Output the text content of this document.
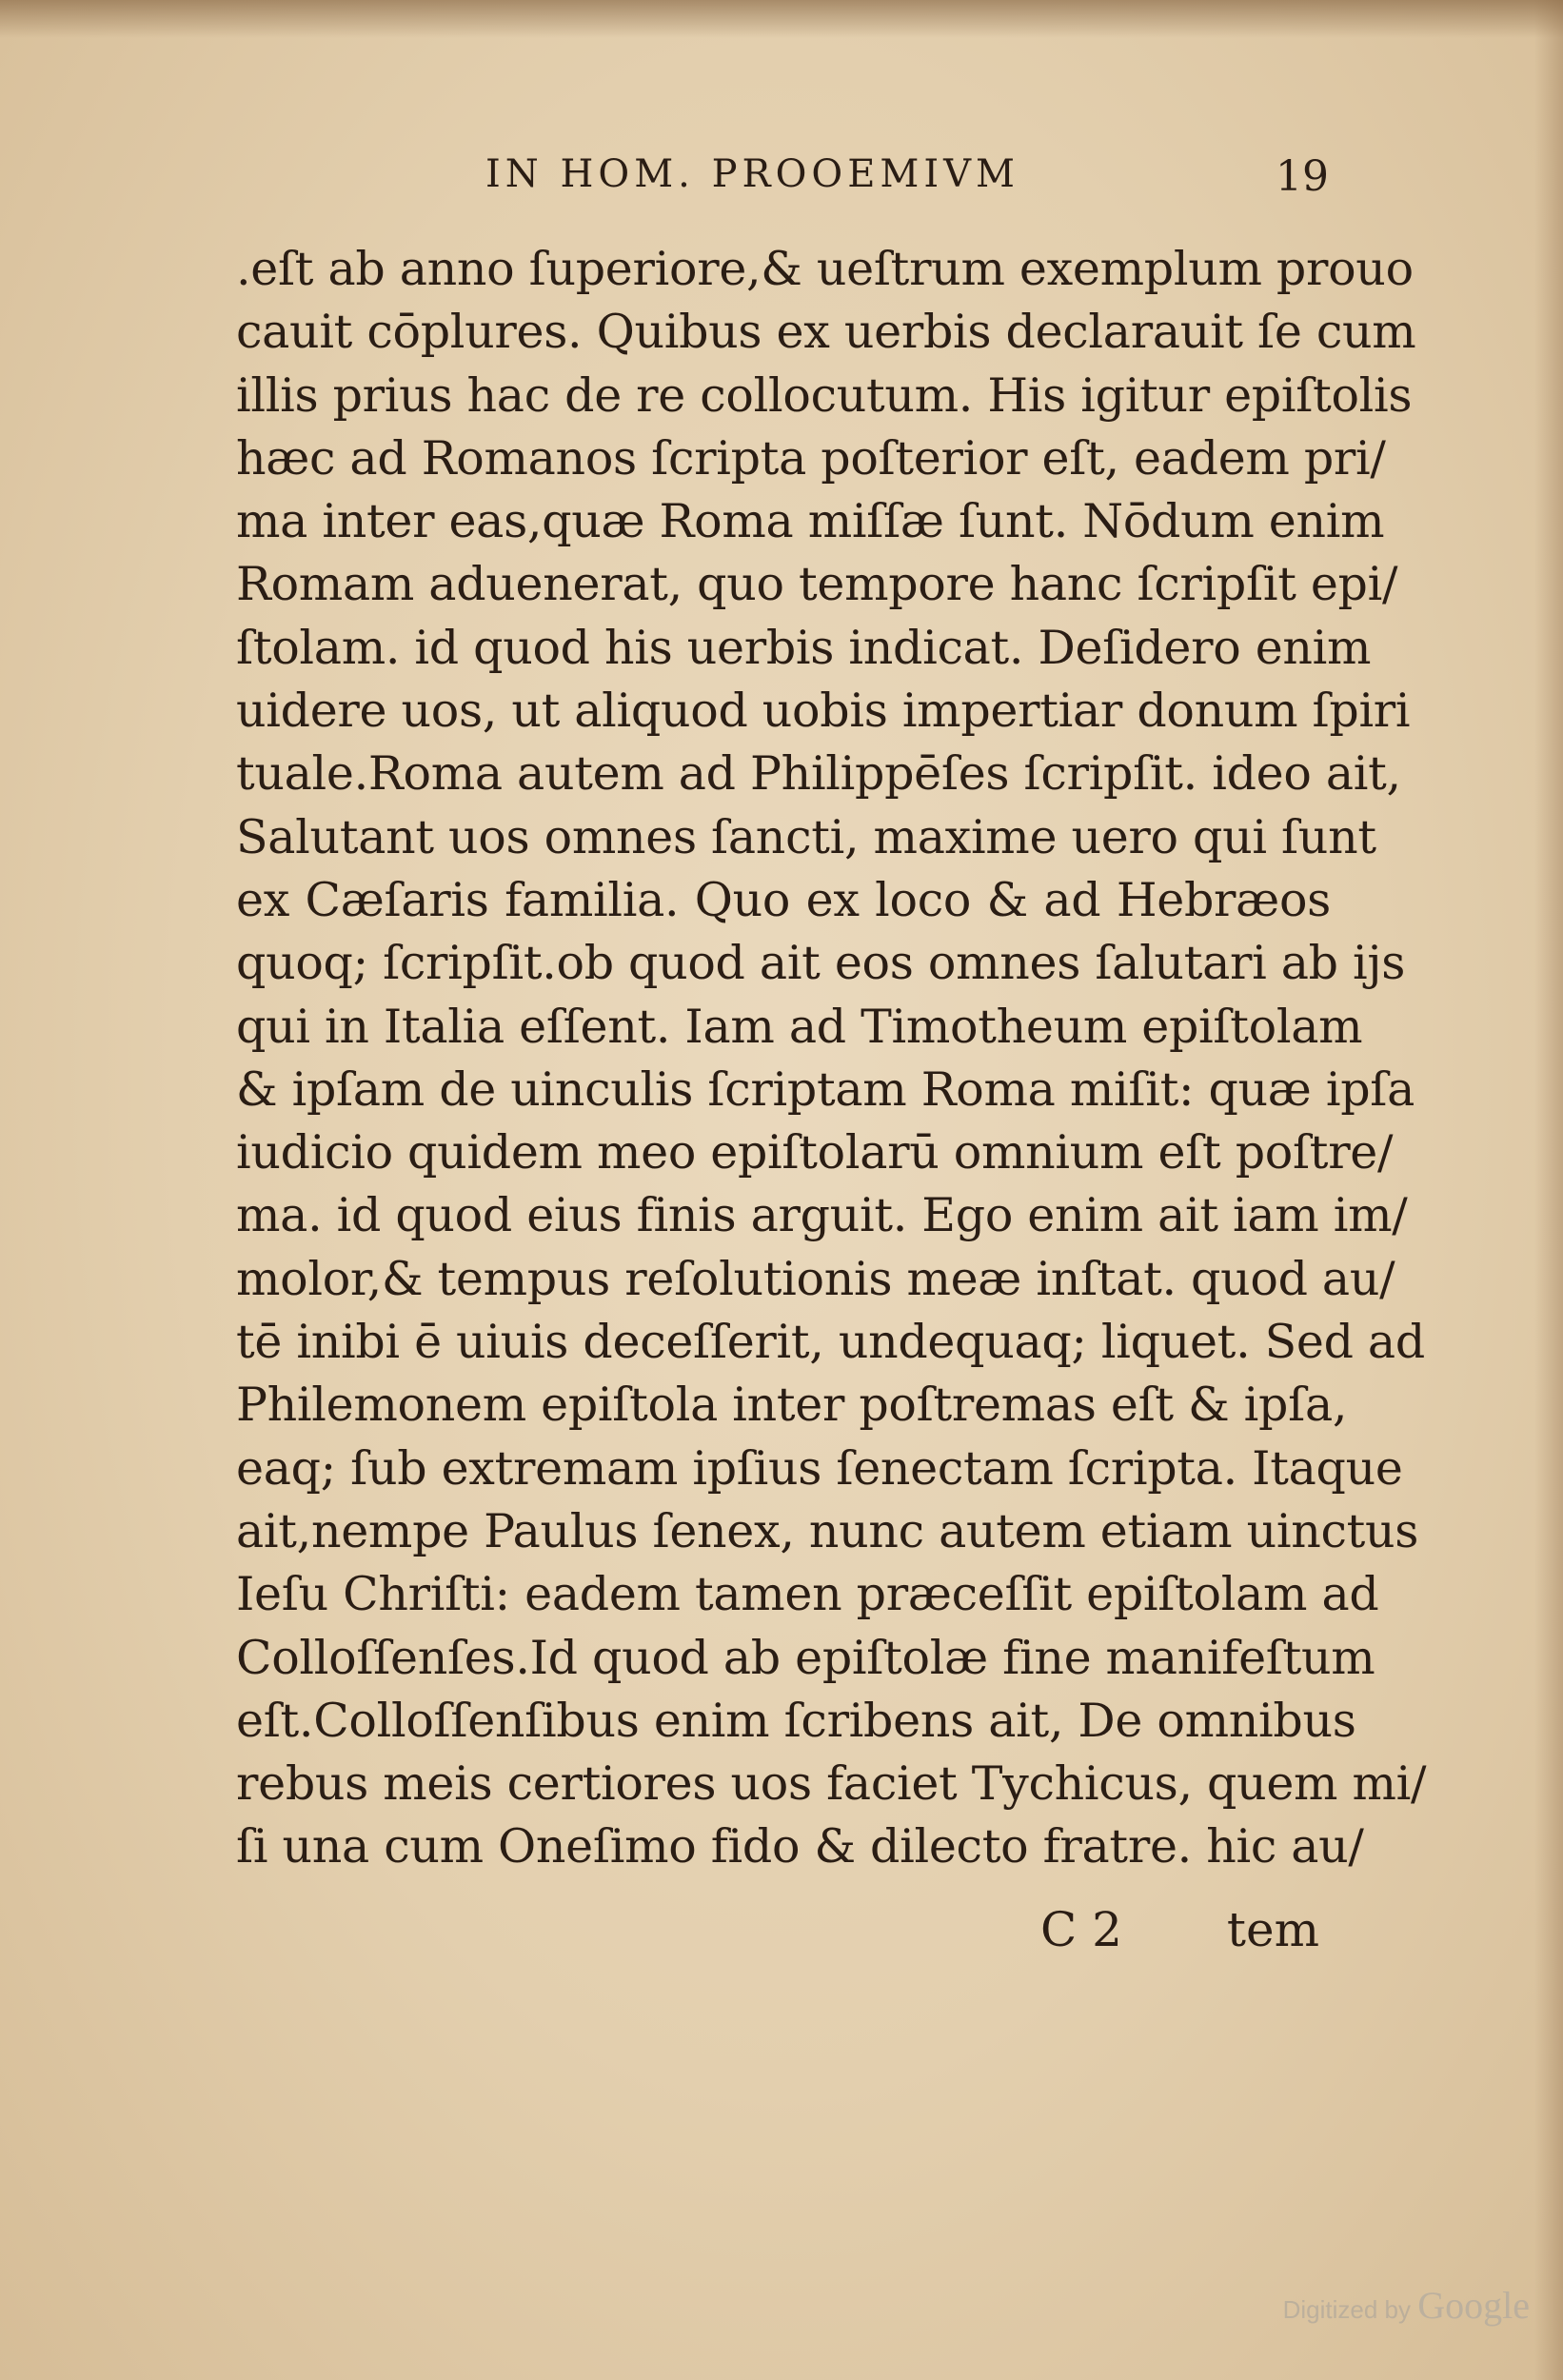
IN HOM. PROOEMIVM	19
.eſt ab anno ſuperiore,& ueſtrum exemplum prouo
cauit cōplures. Quibus ex uerbis declarauit ſe cum
illis prius hac de re collocutum. His igitur epiſtolis
hæc ad Romanos ſcripta poſterior eſt, eadem pri/
ma inter eas,quæ Roma miſſæ ſunt. Nōdum enim
Romam aduenerat, quo tempore hanc ſcripſit epi/
ſtolam. id quod his uerbis indicat. Deſidero enim
uidere uos, ut aliquod uobis impertiar donum ſpiri
tuale.Roma autem ad Philippēſes ſcripſit. ideo ait,
Salutant uos omnes ſancti, maxime uero qui ſunt
ex Cæſaris familia. Quo ex loco & ad Hebræos
quoq; ſcripſit.ob quod ait eos omnes ſalutari ab ijs
qui in Italia eſſent. Iam ad Timotheum epiſtolam
& ipſam de uinculis ſcriptam Roma miſit: quæ ipſa
iudicio quidem meo epiſtolarū omnium eſt poſtre/
ma. id quod eius finis arguit. Ego enim ait iam im/
molor,& tempus reſolutionis meæ inſtat. quod au/
tē inibi ē uiuis deceſſerit, undequaq; liquet. Sed ad
Philemonem epiſtola inter poſtremas eſt & ipſa,
eaq; ſub extremam ipſius ſenectam ſcripta. Itaque
ait,nempe Paulus ſenex, nunc autem etiam uinctus
Ieſu Chriſti: eadem tamen præceſſit epiſtolam ad
Colloſſenſes.Id quod ab epiſtolæ fine manifeſtum
eſt.Colloſſenſibus enim ſcribens ait, De omnibus
rebus meis certiores uos faciet Tychicus, quem mi/
ſi una cum Oneſimo fido & dilecto fratre. hic au/
C 2 tem
Digitized by Google
